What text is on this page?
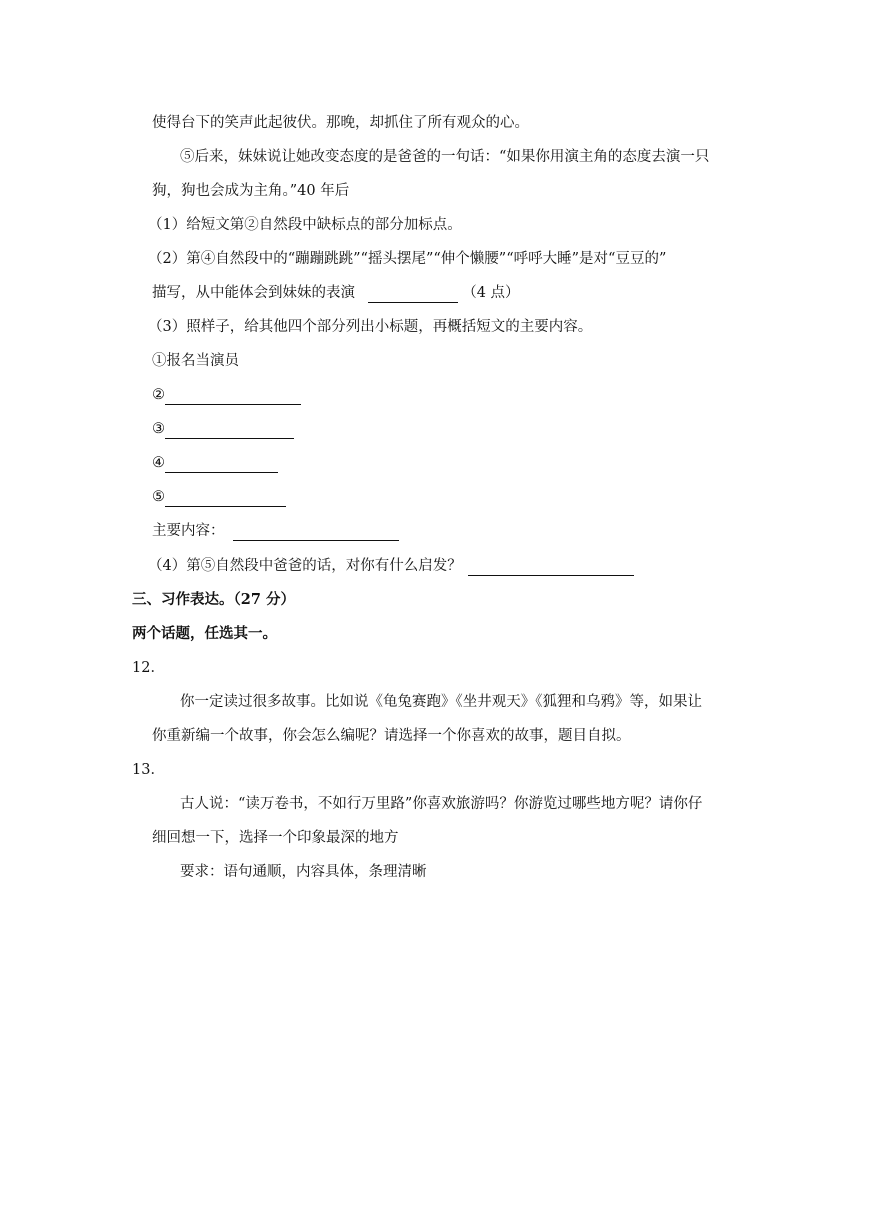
使得台下的笑声此起彼伏。那晚，却抓住了所有观众的心。
⑤后来，妹妹说让她改变态度的是爸爸的一句话：“如果你用演主角的态度去演一只
狗，狗也会成为主角。”40 年后
（1）给短文第②自然段中缺标点的部分加标点。
（2）第④自然段中的“蹦蹦跳跳”“摇头摆尾”“伸个懒腰”“呼呼大睡”是对“豆豆的”
描写，从中能体会到妹妹的表演	（4 点）
（3）照样子，给其他四个部分列出小标题，再概括短文的主要内容。
①报名当演员
②
③
④
⑤
主要内容：
（4）第⑤自然段中爸爸的话，对你有什么启发？
三、习作表达。（27 分）
两个话题，任选其一。
12．
你一定读过很多故事。比如说《龟兔赛跑》《坐井观天》《狐狸和乌鸦》等，如果让
你重新编一个故事，你会怎么编呢？请选择一个你喜欢的故事，题目自拟。
13．
古人说：“读万卷书，不如行万里路”你喜欢旅游吗？你游览过哪些地方呢？请你仔
细回想一下，选择一个印象最深的地方
要求：语句通顺，内容具体，条理清晰
